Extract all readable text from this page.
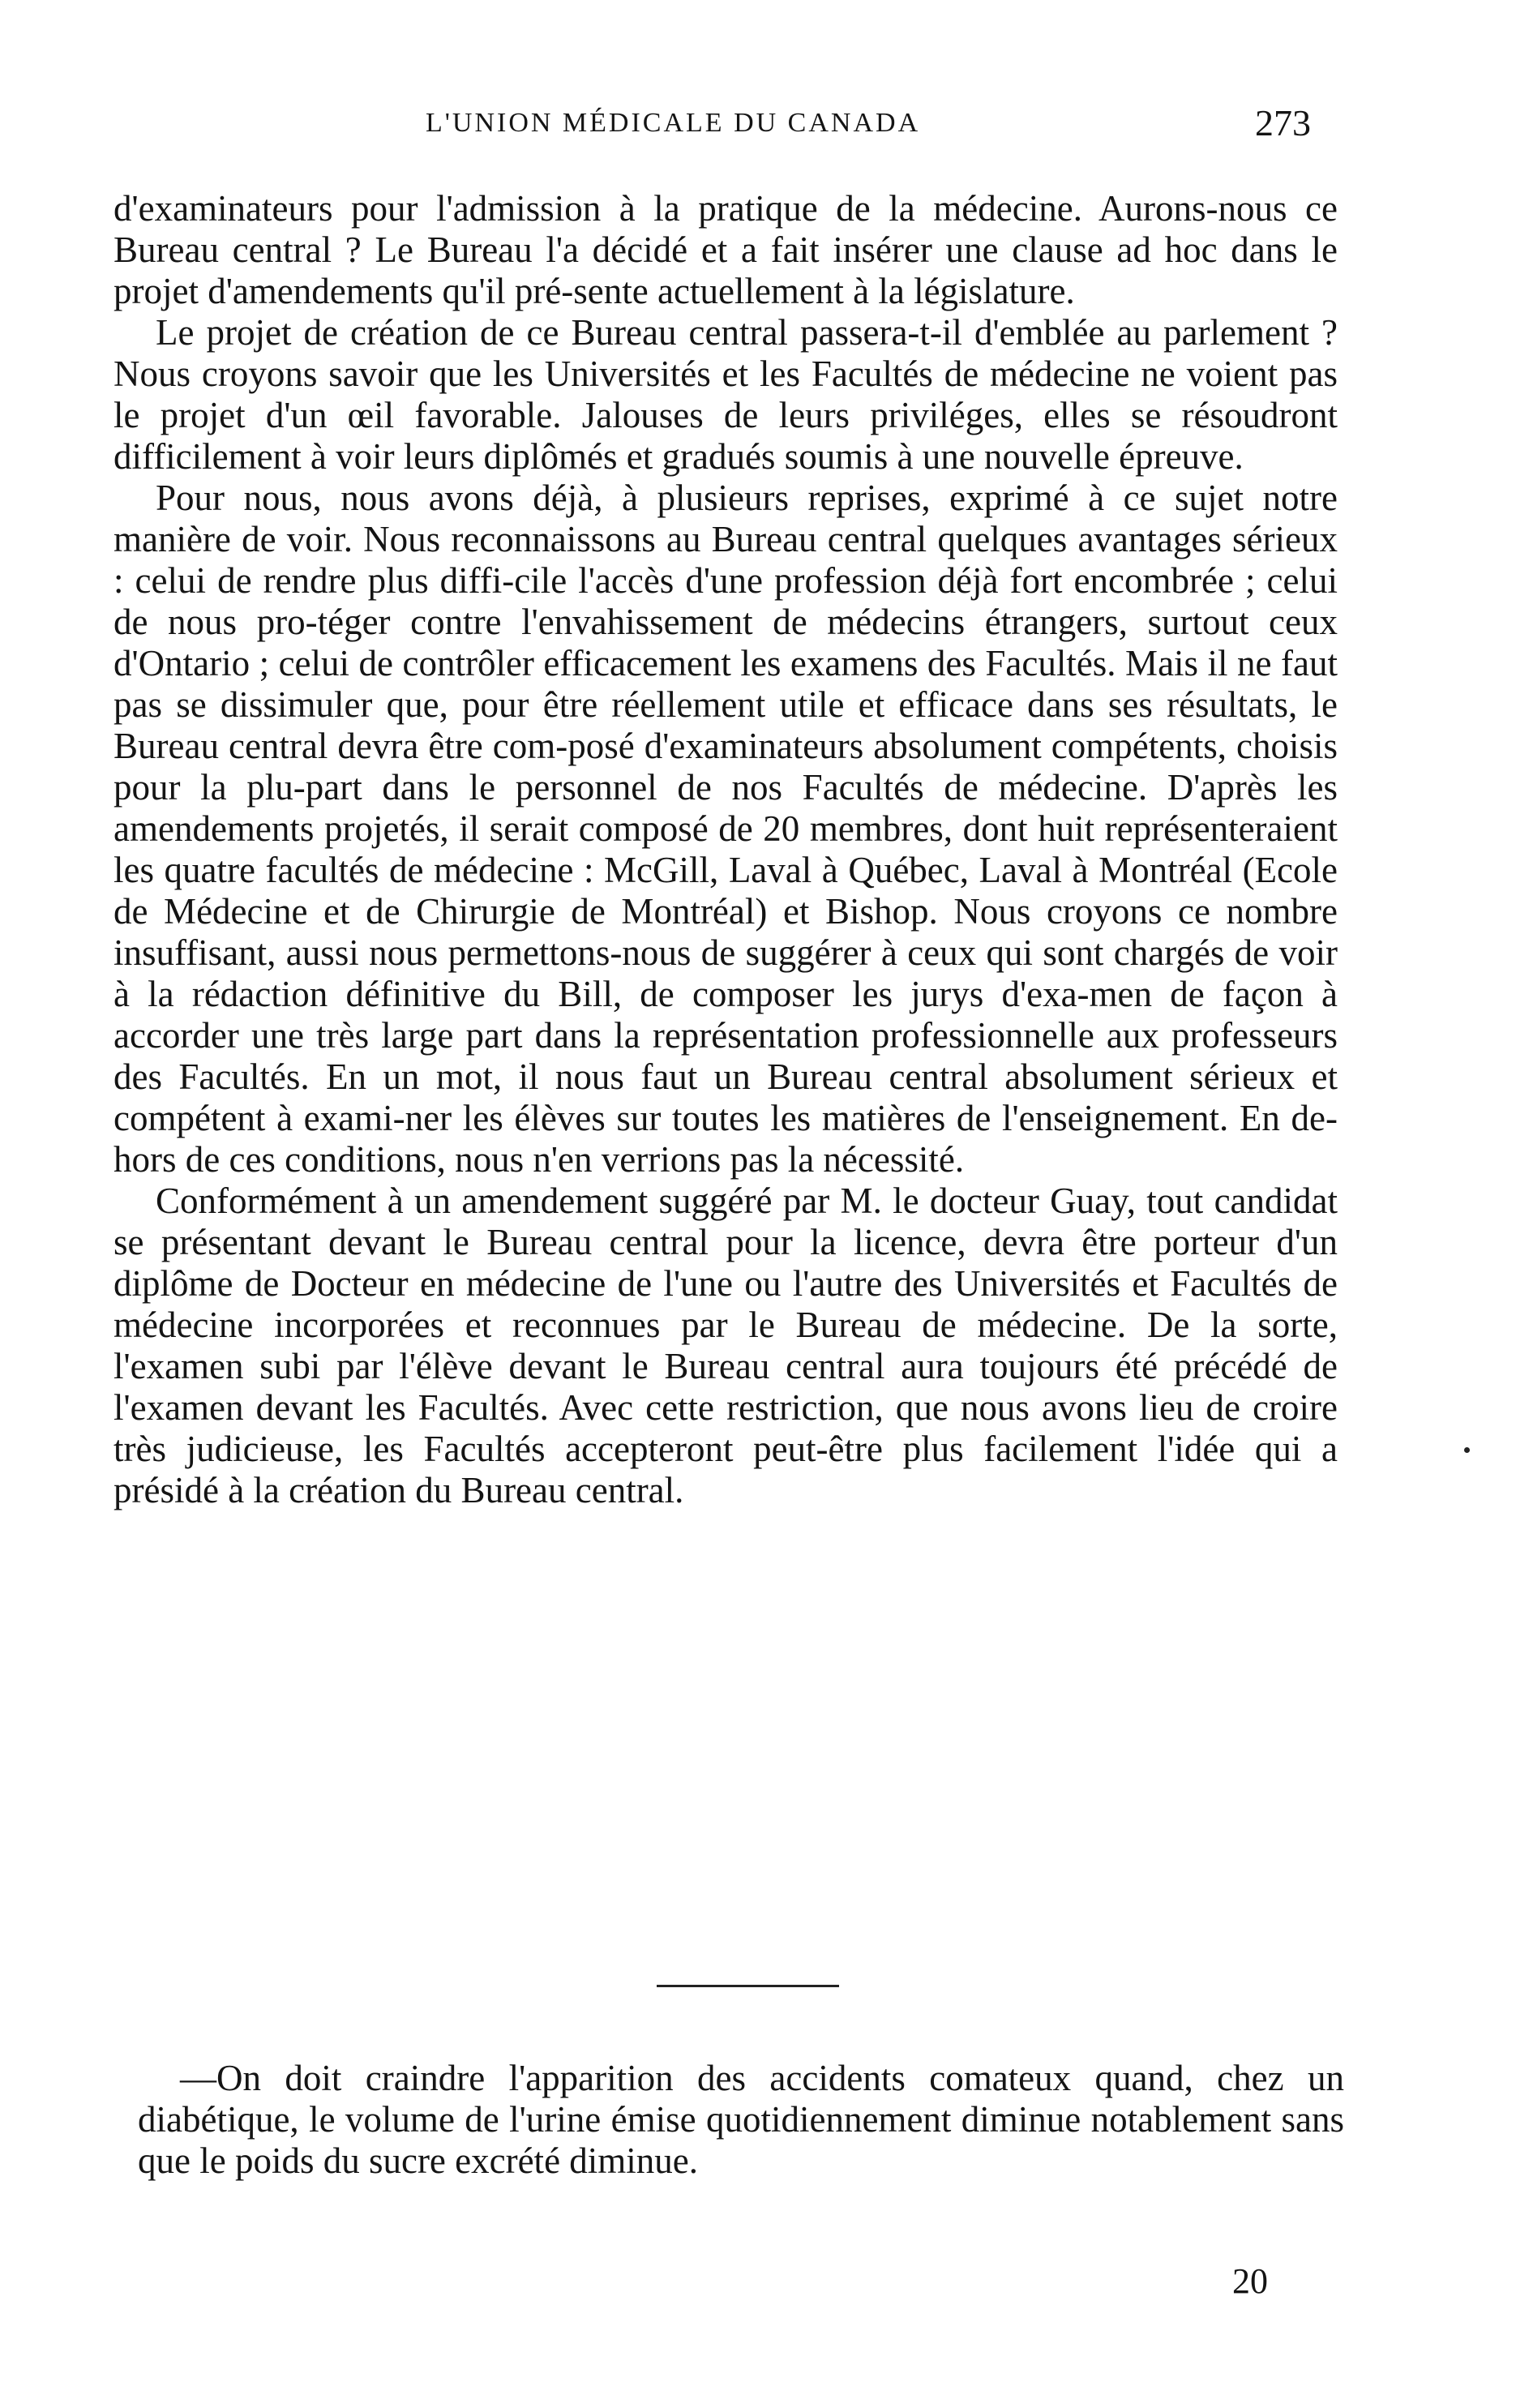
L'UNION MÉDICALE DU CANADA	273

d'examinateurs pour l'admission à la pratique de la médecine. Aurons-nous ce Bureau central ? Le Bureau l'a décidé et a fait insérer une clause ad hoc dans le projet d'amendements qu'il pré-sente actuellement à la législature.

Le projet de création de ce Bureau central passera-t-il d'emblée au parlement ? Nous croyons savoir que les Universités et les Facultés de médecine ne voient pas le projet d'un œil favorable. Jalouses de leurs priviléges, elles se résoudront difficilement à voir leurs diplômés et gradués soumis à une nouvelle épreuve.

Pour nous, nous avons déjà, à plusieurs reprises, exprimé à ce sujet notre manière de voir. Nous reconnaissons au Bureau central quelques avantages sérieux : celui de rendre plus diffi-cile l'accès d'une profession déjà fort encombrée ; celui de nous pro-téger contre l'envahissement de médecins étrangers, surtout ceux d'Ontario ; celui de contrôler efficacement les examens des Facultés. Mais il ne faut pas se dissimuler que, pour être réellement utile et efficace dans ses résultats, le Bureau central devra être com-posé d'examinateurs absolument compétents, choisis pour la plu-part dans le personnel de nos Facultés de médecine. D'après les amendements projetés, il serait composé de 20 membres, dont huit représenteraient les quatre facultés de médecine : McGill, Laval à Québec, Laval à Montréal (Ecole de Médecine et de Chirurgie de Montréal) et Bishop. Nous croyons ce nombre insuffisant, aussi nous permettons-nous de suggérer à ceux qui sont chargés de voir à la rédaction définitive du Bill, de composer les jurys d'exa-men de façon à accorder une très large part dans la représentation professionnelle aux professeurs des Facultés. En un mot, il nous faut un Bureau central absolument sérieux et compétent à exami-ner les élèves sur toutes les matières de l'enseignement. En de-hors de ces conditions, nous n'en verrions pas la nécessité.

Conformément à un amendement suggéré par M. le docteur Guay, tout candidat se présentant devant le Bureau central pour la licence, devra être porteur d'un diplôme de Docteur en médecine de l'une ou l'autre des Universités et Facultés de médecine incorporées et reconnues par le Bureau de médecine. De la sorte, l'examen subi par l'élève devant le Bureau central aura toujours été précédé de l'examen devant les Facultés. Avec cette restriction, que nous avons lieu de croire très judicieuse, les Facultés accepteront peut-être plus facilement l'idée qui a présidé à la création du Bureau central.

—On doit craindre l'apparition des accidents comateux quand, chez un diabétique, le volume de l'urine émise quotidiennement diminue notablement sans que le poids du sucre excrété diminue.

20
